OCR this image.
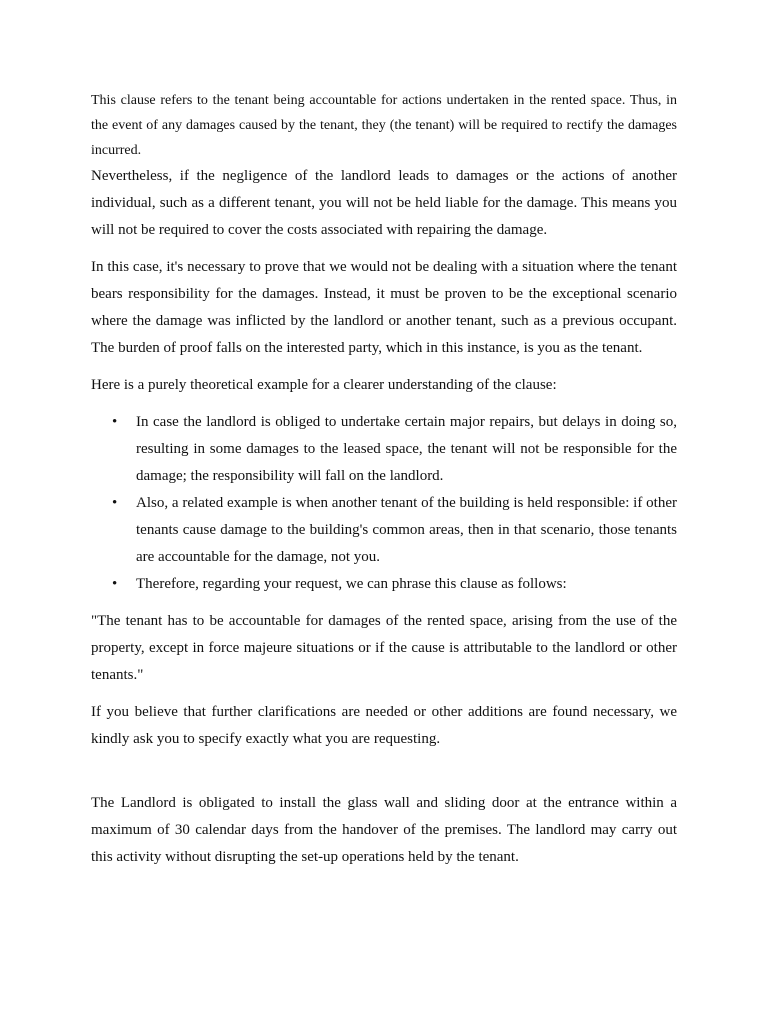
This clause refers to the tenant being accountable for actions undertaken in the rented space. Thus, in the event of any damages caused by the tenant, they (the tenant) will be required to rectify the damages incurred.

Nevertheless, if the negligence of the landlord leads to damages or the actions of another individual, such as a different tenant, you will not be held liable for the damage. This means you will not be required to cover the costs associated with repairing the damage.

In this case, it's necessary to prove that we would not be dealing with a situation where the tenant bears responsibility for the damages. Instead, it must be proven to be the exceptional scenario where the damage was inflicted by the landlord or another tenant, such as a previous occupant. The burden of proof falls on the interested party, which in this instance, is you as the tenant.

Here is a purely theoretical example for a clearer understanding of the clause:

• In case the landlord is obliged to undertake certain major repairs, but delays in doing so, resulting in some damages to the leased space, the tenant will not be responsible for the damage; the responsibility will fall on the landlord.
• Also, a related example is when another tenant of the building is held responsible: if other tenants cause damage to the building's common areas, then in that scenario, those tenants are accountable for the damage, not you.
• Therefore, regarding your request, we can phrase this clause as follows:

"The tenant has to be accountable for damages of the rented space, arising from the use of the property, except in force majeure situations or if the cause is attributable to the landlord or other tenants."

If you believe that further clarifications are needed or other additions are found necessary, we kindly ask you to specify exactly what you are requesting.

The Landlord is obligated to install the glass wall and sliding door at the entrance within a maximum of 30 calendar days from the handover of the premises. The landlord may carry out this activity without disrupting the set-up operations held by the tenant.
